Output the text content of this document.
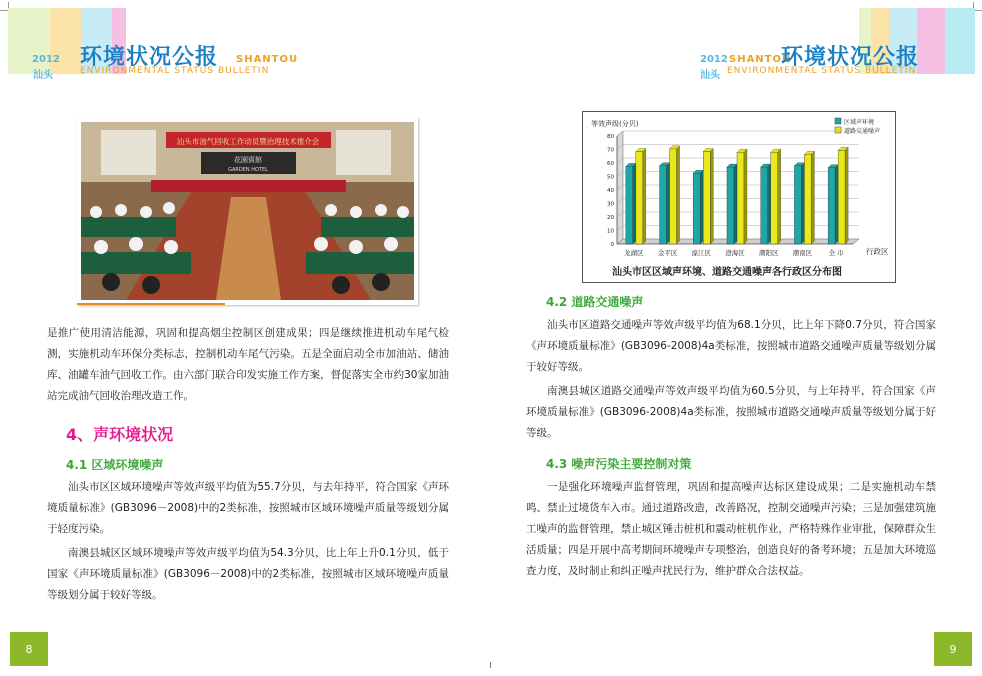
2012
汕头
环境状况公报 SHANTOU
ENVIRONMENTAL STATUS BULLETIN
汕头市油气回收工作动员暨治理技术推介会
花園賓館
GARDEN HOTEL
是推广使用清洁能源，巩固和提高烟尘控制区创建成果；四是继续推进机动车尾气检测，实施机动车环保分类标志，控制机动车尾气污染。五是全面启动全市加油站、储油库、油罐车油气回收工作。由六部门联合印发实施工作方案，督促落实全市约30家加油站完成油气回收治理改造工作。
4、声环境状况
4.1 区域环境噪声
汕头市区区域环境噪声等效声级平均值为55.7分贝，与去年持平，符合国家《声环境质量标准》(GB3096－2008)中的2类标准，按照城市区域环境噪声质量等级划分属于轻度污染。
南澳县城区区域环境噪声等效声级平均值为54.3分贝，比上年上升0.1分贝，低于国家《声环境质量标准》(GB3096－2008)中的2类标准，按照城市区域环境噪声质量等级划分属于较好等级。
8
2012
汕头
SHANTOU
环境状况公报
ENVIRONMENTAL STATUS BULLETIN
9
等效声级(分贝)
行政区
区域声环境
道路交通噪声
0
10
20
30
40
50
60
70
80
龙湖区 金平区 濠江区 澄海区 潮阳区 潮南区	全 市
汕头市区区域声环境、道路交通噪声各行政区分布图
4.2 道路交通噪声
汕头市区道路交通噪声等效声级平均值为68.1分贝，比上年下降0.7分贝，符合国家《声环境质量标准》(GB3096-2008)4a类标准，按照城市道路交通噪声质量等级划分属于较好等级。
南澳县城区道路交通噪声等效声级平均值为60.5分贝，与上年持平，符合国家《声环境质量标准》(GB3096-2008)4a类标准，按照城市道路交通噪声质量等级划分属于好等级。
4.3 噪声污染主要控制对策
一是强化环境噪声监督管理，巩固和提高噪声达标区建设成果；二是实施机动车禁鸣、禁止过境货车入市。通过道路改造，改善路况，控制交通噪声污染；三是加强建筑施工噪声的监督管理，禁止城区锤击桩机和震动桩机作业，严格特殊作业审批，保障群众生活质量；四是开展中高考期间环境噪声专项整治，创造良好的备考环境；五是加大环境巡查力度，及时制止和纠正噪声扰民行为，维护群众合法权益。
